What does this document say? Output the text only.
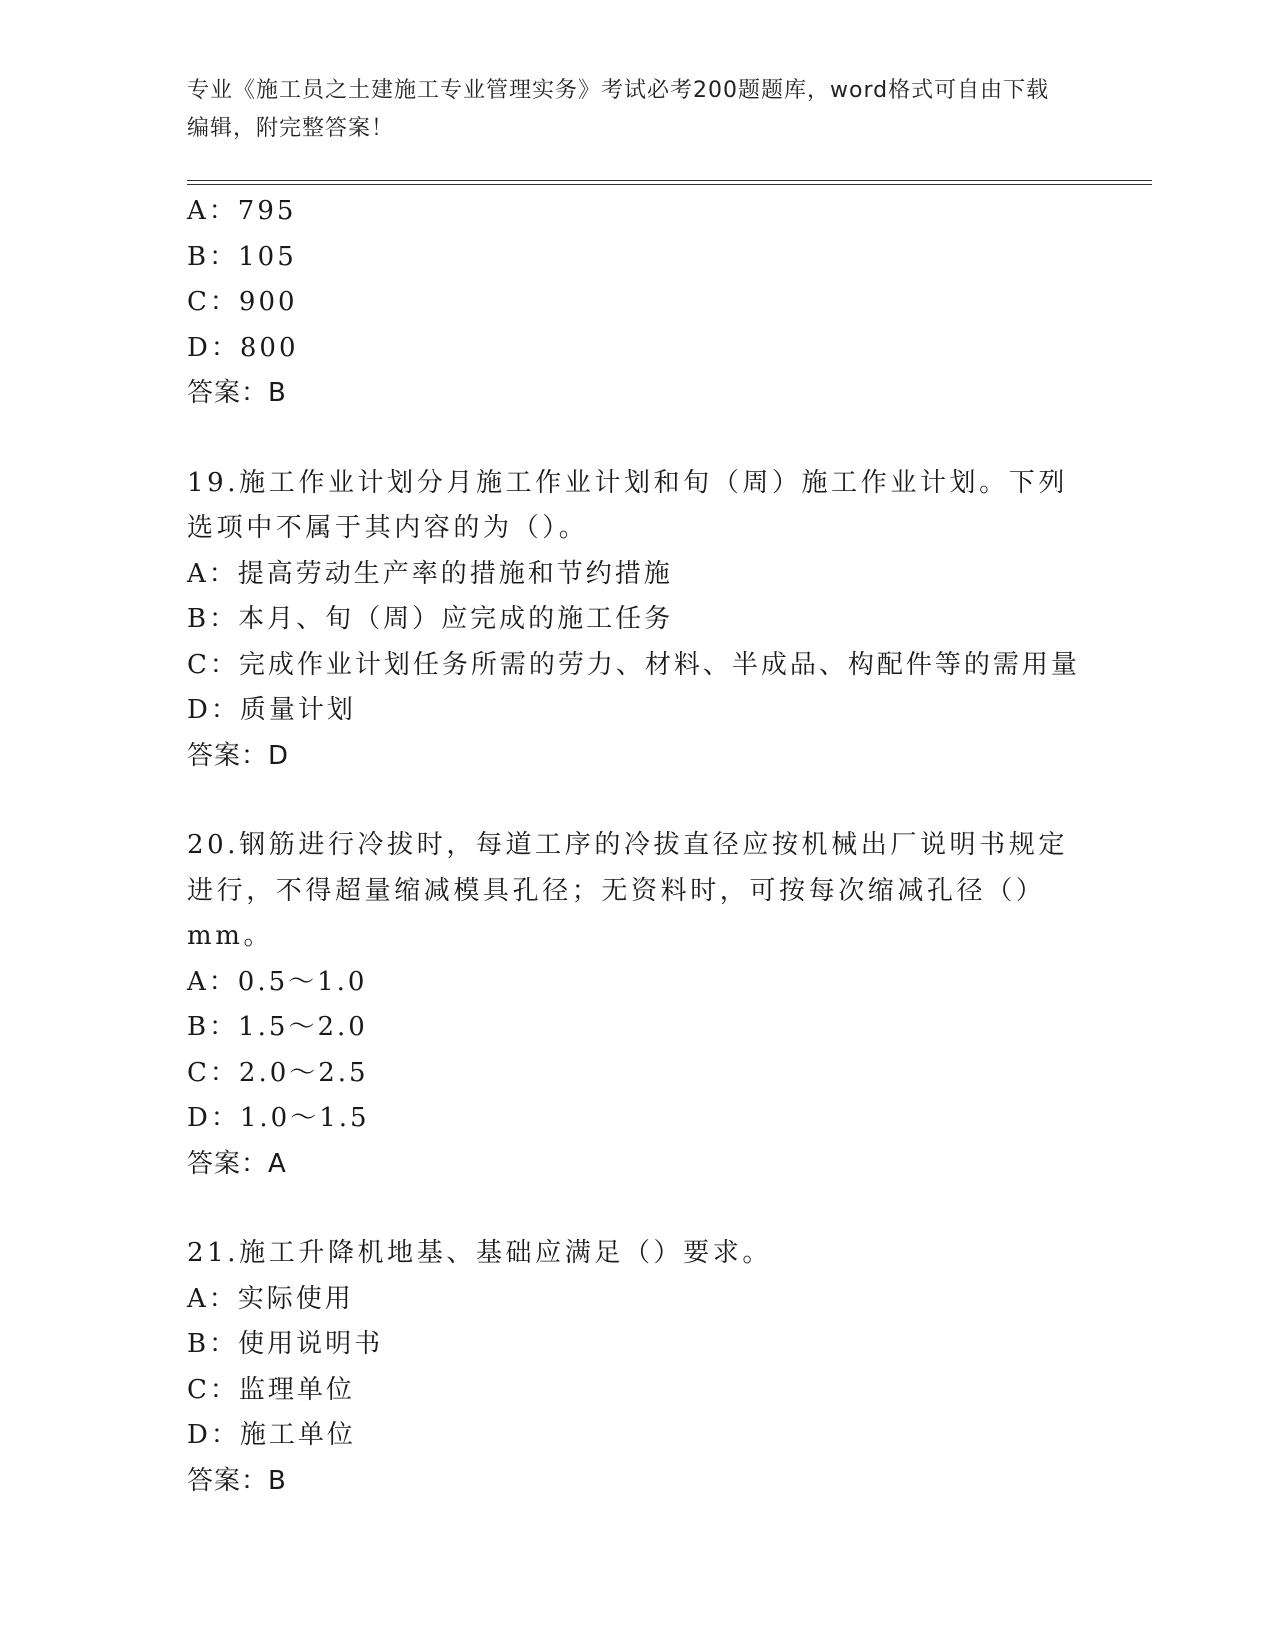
专业《施工员之土建施工专业管理实务》考试必考200题题库，word格式可自由下载编辑，附完整答案！
A：795
B：105
C：900
D：800
答案：B
19.施工作业计划分月施工作业计划和旬（周）施工作业计划。下列选项中不属于其内容的为（）。
A：提高劳动生产率的措施和节约措施
B：本月、旬（周）应完成的施工任务
C：完成作业计划任务所需的劳力、材料、半成品、构配件等的需用量
D：质量计划
答案：D
20.钢筋进行冷拔时，每道工序的冷拔直径应按机械出厂说明书规定进行，不得超量缩减模具孔径；无资料时，可按每次缩减孔径（）mm。
A：0.5～1.0
B：1.5～2.0
C：2.0～2.5
D：1.0～1.5
答案：A
21.施工升降机地基、基础应满足（）要求。
A：实际使用
B：使用说明书
C：监理单位
D：施工单位
答案：B
